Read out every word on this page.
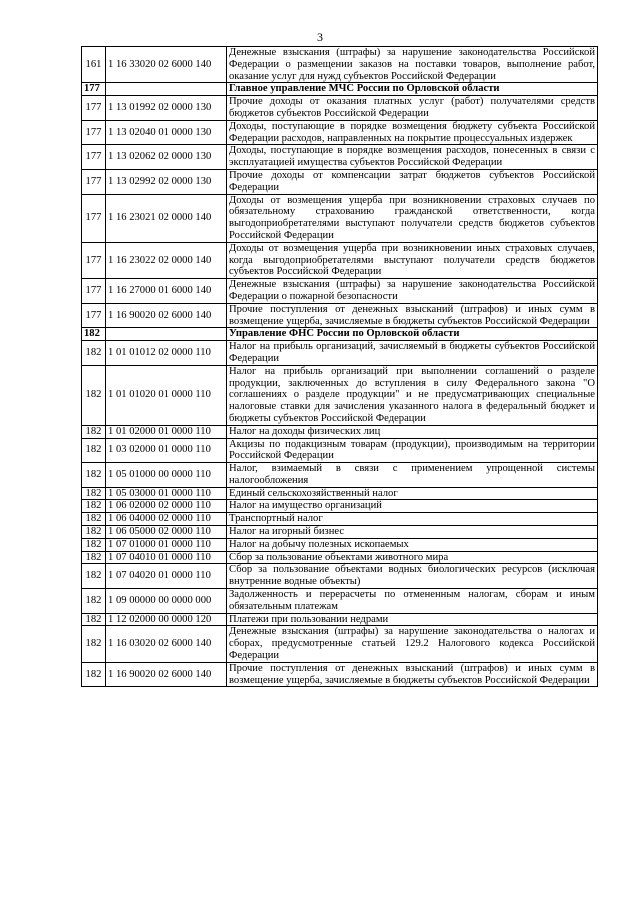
3
161	1 16 33020 02 6000 140	Денежные взыскания (штрафы) за нарушение законодательства Российской Федерации о размещении заказов на поставки товаров, выполнение работ, оказание услуг для нужд субъектов Российской Федерации
177		Главное управление МЧС России по Орловской области
177	1 13 01992 02 0000 130	Прочие доходы от оказания платных услуг (работ) получателями средств бюджетов субъектов Российской Федерации
177	1 13 02040 01 0000 130	Доходы, поступающие в порядке возмещения бюджету субъекта Российской Федерации расходов, направленных на покрытие процессуальных издержек
177	1 13 02062 02 0000 130	Доходы, поступающие в порядке возмещения расходов, понесенных в связи с эксплуатацией имущества субъектов Российской Федерации
177	1 13 02992 02 0000 130	Прочие доходы от компенсации затрат бюджетов субъектов Российской Федерации
177	1 16 23021 02 0000 140	Доходы от возмещения ущерба при возникновении страховых случаев по обязательному страхованию гражданской ответственности, когда выгодоприобретателями выступают получатели средств бюджетов субъектов Российской Федерации
177	1 16 23022 02 0000 140	Доходы от возмещения ущерба при возникновении иных страховых случаев, когда выгодоприобретателями выступают получатели средств бюджетов субъектов Российской Федерации
177	1 16 27000 01 6000 140	Денежные взыскания (штрафы) за нарушение законодательства Российской Федерации о пожарной безопасности
177	1 16 90020 02 6000 140	Прочие поступления от денежных взысканий (штрафов) и иных сумм в возмещение ущерба, зачисляемые в бюджеты субъектов Российской Федерации
182		Управление ФНС России по Орловской области
182	1 01 01012 02 0000 110	Налог на прибыль организаций, зачисляемый в бюджеты субъектов Российской Федерации
182	1 01 01020 01 0000 110	Налог на прибыль организаций при выполнении соглашений о разделе продукции, заключенных до вступления в силу Федерального закона "О соглашениях о разделе продукции" и не предусматривающих специальные налоговые ставки для зачисления указанного налога в федеральный бюджет и бюджеты субъектов Российской Федерации
182	1 01 02000 01 0000 110	Налог на доходы физических лиц
182	1 03 02000 01 0000 110	Акцизы по подакцизным товарам (продукции), производимым на территории Российской Федерации
182	1 05 01000 00 0000 110	Налог, взимаемый в связи с применением упрощенной системы налогообложения
182	1 05 03000 01 0000 110	Единый сельскохозяйственный налог
182	1 06 02000 02 0000 110	Налог на имущество организаций
182	1 06 04000 02 0000 110	Транспортный налог
182	1 06 05000 02 0000 110	Налог на игорный бизнес
182	1 07 01000 01 0000 110	Налог на добычу полезных ископаемых
182	1 07 04010 01 0000 110	Сбор за пользование объектами животного мира
182	1 07 04020 01 0000 110	Сбор за пользование объектами водных биологических ресурсов (исключая внутренние водные объекты)
182	1 09 00000 00 0000 000	Задолженность и перерасчеты по отмененным налогам, сборам и иным обязательным платежам
182	1 12 02000 00 0000 120	Платежи при пользовании недрами
182	1 16 03020 02 6000 140	Денежные взыскания (штрафы) за нарушение законодательства о налогах и сборах, предусмотренные статьей 129.2 Налогового кодекса Российской Федерации
182	1 16 90020 02 6000 140	Прочие поступления от денежных взысканий (штрафов) и иных сумм в возмещение ущерба, зачисляемые в бюджеты субъектов Российской Федерации
